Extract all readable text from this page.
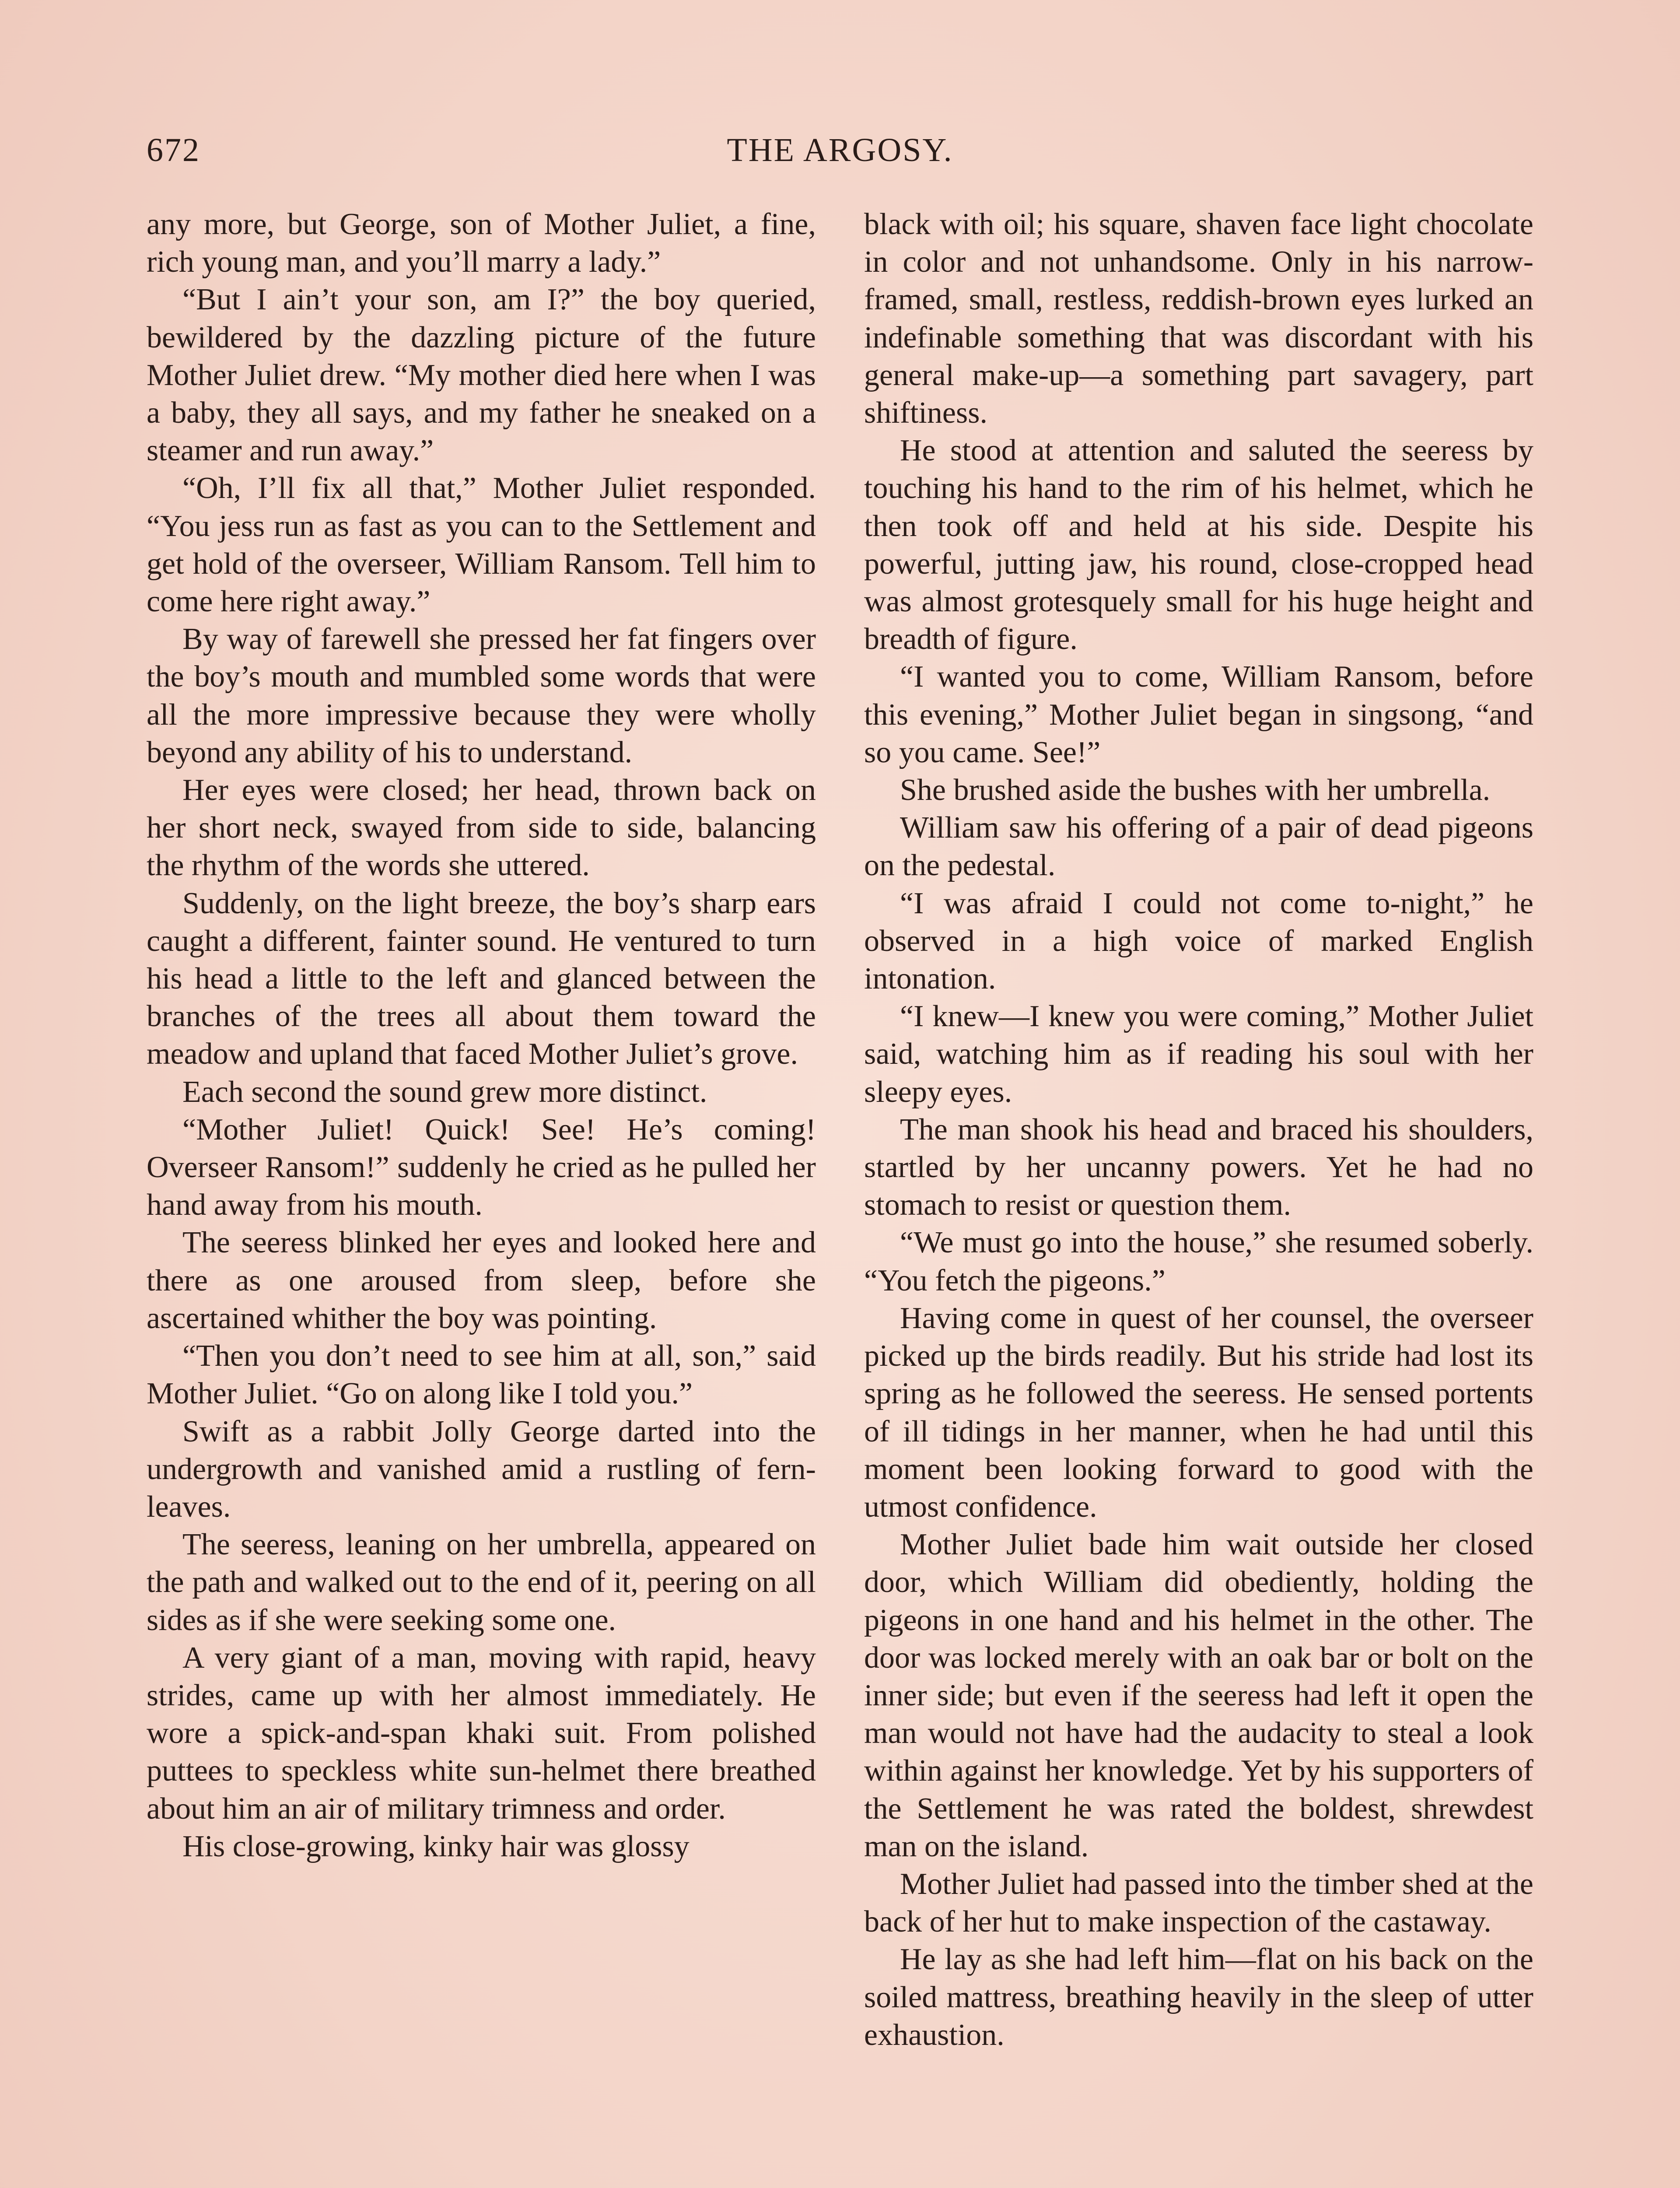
672	THE ARGOSY.

any more, but George, son of Mother Juliet, a fine, rich young man, and you’ll marry a lady.”

“But I ain’t your son, am I?” the boy queried, bewildered by the dazzling picture of the future Mother Juliet drew. “My mother died here when I was a baby, they all says, and my father he sneaked on a steamer and run away.”

“Oh, I’ll fix all that,” Mother Juliet responded. “You jess run as fast as you can to the Settlement and get hold of the overseer, William Ransom. Tell him to come here right away.”

By way of farewell she pressed her fat fingers over the boy’s mouth and mumbled some words that were all the more impressive because they were wholly beyond any ability of his to understand.

Her eyes were closed; her head, thrown back on her short neck, swayed from side to side, balancing the rhythm of the words she uttered.

Suddenly, on the light breeze, the boy’s sharp ears caught a different, fainter sound. He ventured to turn his head a little to the left and glanced between the branches of the trees all about them toward the meadow and upland that faced Mother Juliet’s grove.

Each second the sound grew more distinct.

“Mother Juliet! Quick! See! He’s coming! Overseer Ransom!” suddenly he cried as he pulled her hand away from his mouth.

The seeress blinked her eyes and looked here and there as one aroused from sleep, before she ascertained whither the boy was pointing.

“Then you don’t need to see him at all, son,” said Mother Juliet. “Go on along like I told you.”

Swift as a rabbit Jolly George darted into the undergrowth and vanished amid a rustling of fern-leaves.

The seeress, leaning on her umbrella, appeared on the path and walked out to the end of it, peering on all sides as if she were seeking some one.

A very giant of a man, moving with rapid, heavy strides, came up with her almost immediately. He wore a spick-and-span khaki suit. From polished puttees to speckless white sun-helmet there breathed about him an air of military trimness and order.

His close-growing, kinky hair was glossy

black with oil; his square, shaven face light chocolate in color and not unhandsome. Only in his narrow-framed, small, restless, reddish-brown eyes lurked an indefinable something that was discordant with his general make-up—a something part savagery, part shiftiness.

He stood at attention and saluted the seeress by touching his hand to the rim of his helmet, which he then took off and held at his side. Despite his powerful, jutting jaw, his round, close-cropped head was almost grotesquely small for his huge height and breadth of figure.

“I wanted you to come, William Ransom, before this evening,” Mother Juliet began in singsong, “and so you came. See!”

She brushed aside the bushes with her umbrella.

William saw his offering of a pair of dead pigeons on the pedestal.

“I was afraid I could not come to-night,” he observed in a high voice of marked English intonation.

“I knew—I knew you were coming,” Mother Juliet said, watching him as if reading his soul with her sleepy eyes.

The man shook his head and braced his shoulders, startled by her uncanny powers. Yet he had no stomach to resist or question them.

“We must go into the house,” she resumed soberly. “You fetch the pigeons.”

Having come in quest of her counsel, the overseer picked up the birds readily. But his stride had lost its spring as he followed the seeress. He sensed portents of ill tidings in her manner, when he had until this moment been looking forward to good with the utmost confidence.

Mother Juliet bade him wait outside her closed door, which William did obediently, holding the pigeons in one hand and his helmet in the other. The door was locked merely with an oak bar or bolt on the inner side; but even if the seeress had left it open the man would not have had the audacity to steal a look within against her knowledge. Yet by his supporters of the Settlement he was rated the boldest, shrewdest man on the island.

Mother Juliet had passed into the timber shed at the back of her hut to make inspection of the castaway.

He lay as she had left him—flat on his back on the soiled mattress, breathing heavily in the sleep of utter exhaustion.
